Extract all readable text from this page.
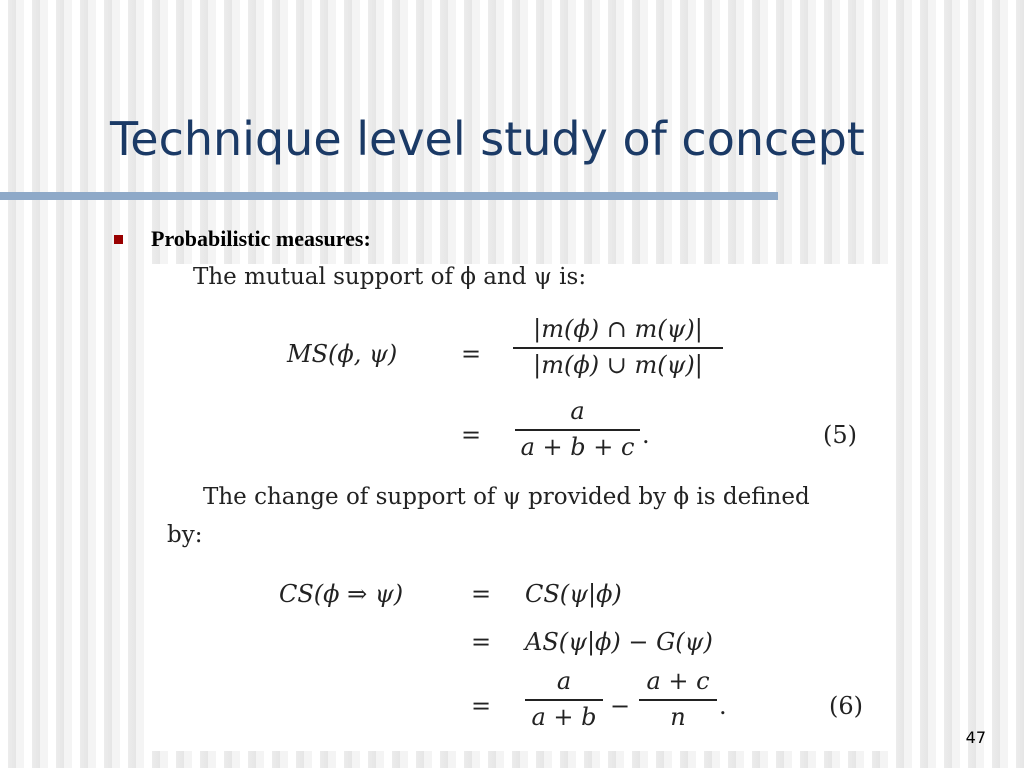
Technique level study of concept
Probabilistic measures:
The mutual support of ϕ and ψ is:
MS(ϕ, ψ)	=
|m(ϕ) ∩ m(ψ)|
|m(ϕ) ∪ m(ψ)|
=
a
a + b + c .	(5)
The change of support of ψ provided by ϕ is defined
by:
CS(ϕ ⇒ ψ)	= CS(ψ|ϕ)
= AS(ψ|ϕ) − G(ψ)
=
a
a + b −
a + c
n .	(6)
47
